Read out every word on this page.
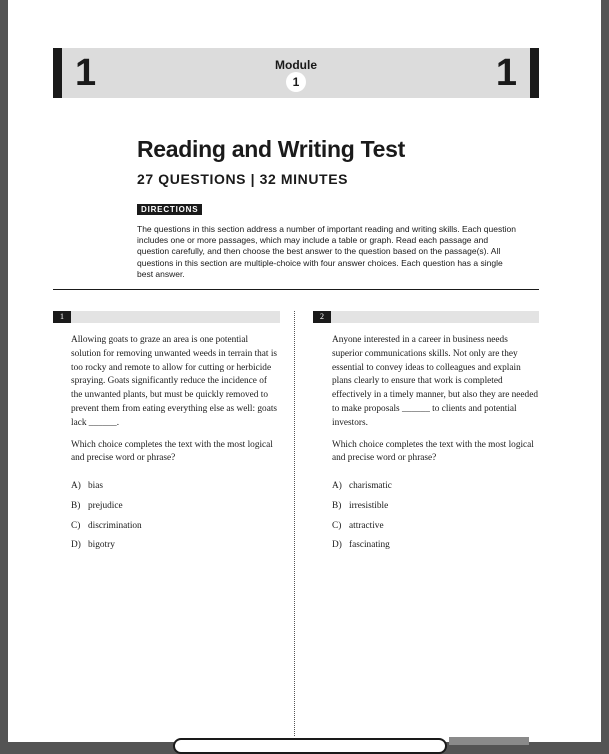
1	Module
1	1
Reading and Writing Test
27 QUESTIONS | 32 MINUTES
DIRECTIONS
The questions in this section address a number of important reading and writing skills. Each question includes one or more passages, which may include a table or graph. Read each passage and question carefully, and then choose the best answer to the question based on the passage(s). All questions in this section are multiple-choice with four answer choices. Each question has a single best answer.
1	2

Allowing goats to graze an area is one potential solution for removing unwanted weeds in terrain that is too rocky and remote to allow for cutting or herbicide spraying. Goats significantly reduce the incidence of the unwanted plants, but must be quickly removed to prevent them from eating everything else as well: goats lack ______.

Which choice completes the text with the most logical and precise word or phrase?

A) bias
B) prejudice
C) discrimination
D) bigotry

Anyone interested in a career in business needs superior communications skills. Not only are they essential to convey ideas to colleagues and explain plans clearly to ensure that work is completed effectively in a timely manner, but also they are needed to make proposals ______ to clients and potential investors.

Which choice completes the text with the most logical and precise word or phrase?

A) charismatic
B) irresistible
C) attractive
D) fascinating
